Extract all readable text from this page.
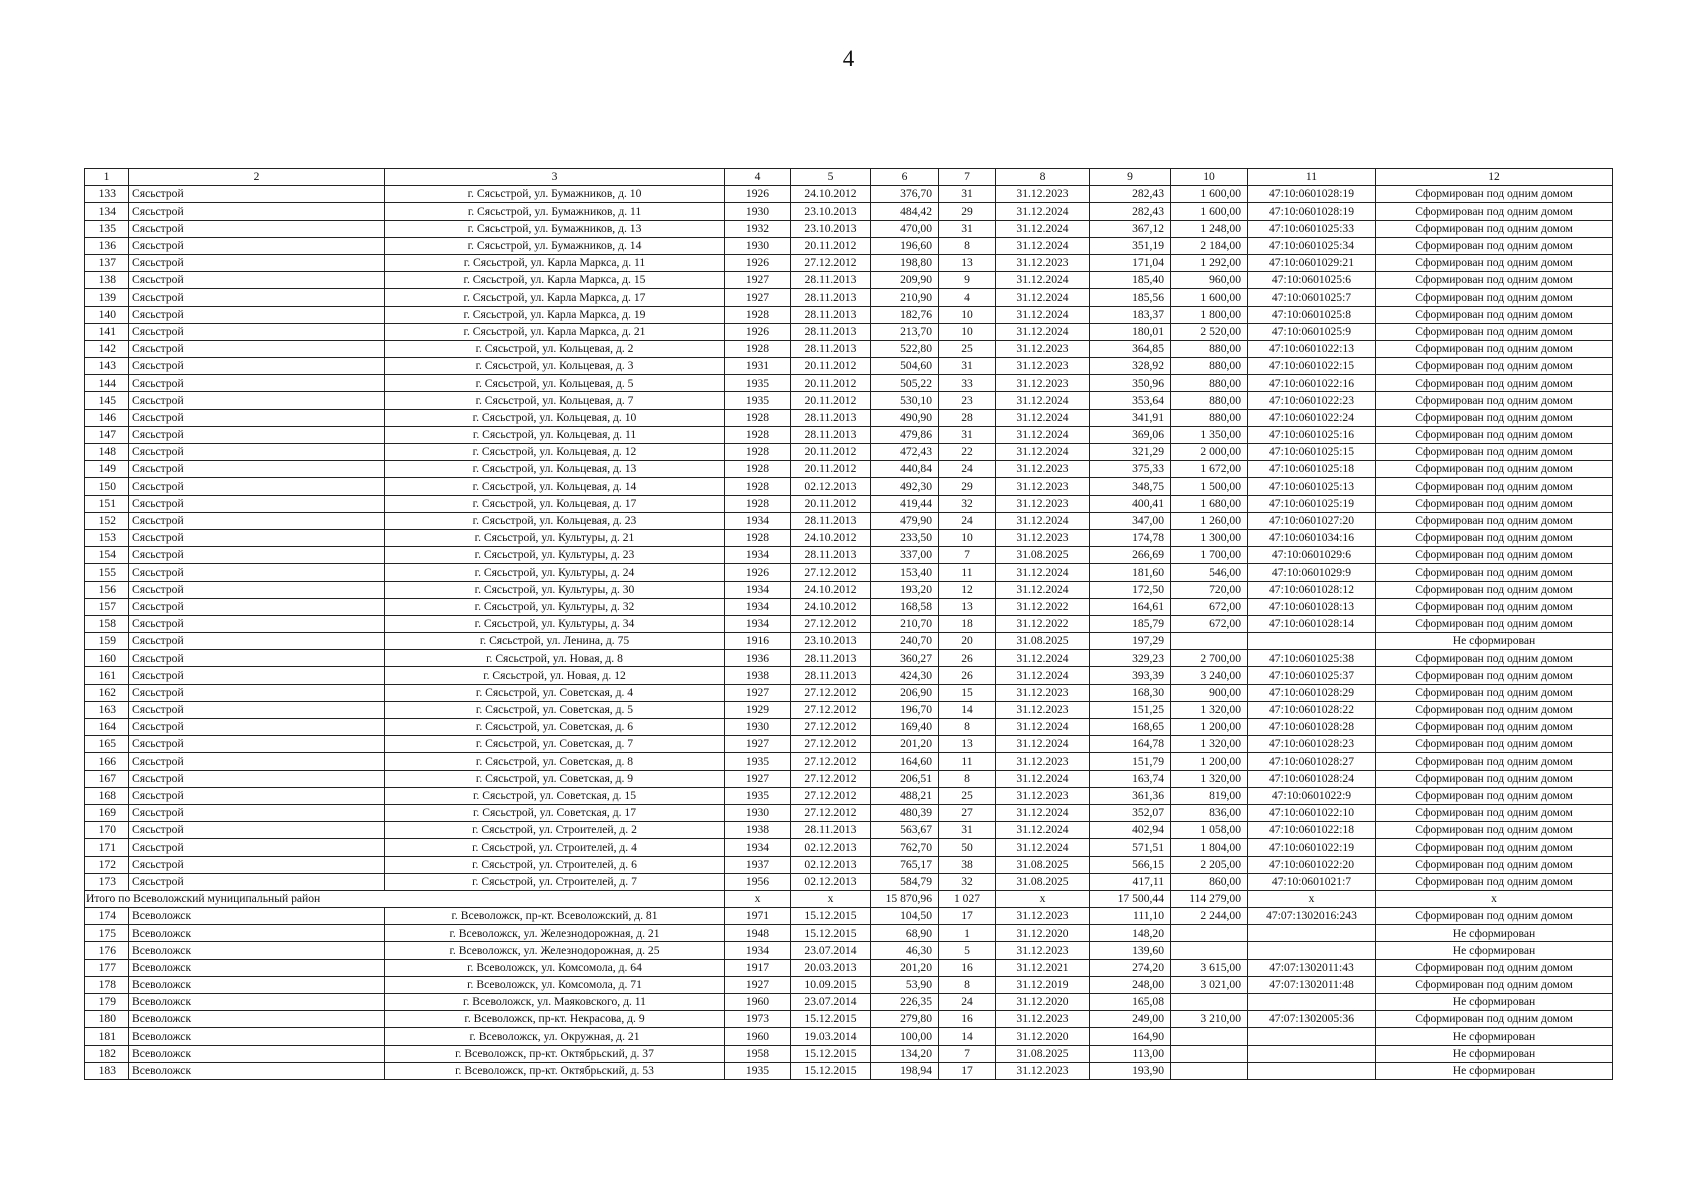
4
1	2	3	4	5	6	7	8	9	10	11	12
133	Сясьстрой	г. Сясьстрой, ул. Бумажников, д. 10	1926	24.10.2012	376,70	31	31.12.2023	282,43	1 600,00	47:10:0601028:19	Сформирован под одним домом
134	Сясьстрой	г. Сясьстрой, ул. Бумажников, д. 11	1930	23.10.2013	484,42	29	31.12.2024	282,43	1 600,00	47:10:0601028:19	Сформирован под одним домом
135	Сясьстрой	г. Сясьстрой, ул. Бумажников, д. 13	1932	23.10.2013	470,00	31	31.12.2024	367,12	1 248,00	47:10:0601025:33	Сформирован под одним домом
136	Сясьстрой	г. Сясьстрой, ул. Бумажников, д. 14	1930	20.11.2012	196,60	8	31.12.2024	351,19	2 184,00	47:10:0601025:34	Сформирован под одним домом
137	Сясьстрой	г. Сясьстрой, ул. Карла Маркса, д. 11	1926	27.12.2012	198,80	13	31.12.2023	171,04	1 292,00	47:10:0601029:21	Сформирован под одним домом
138	Сясьстрой	г. Сясьстрой, ул. Карла Маркса, д. 15	1927	28.11.2013	209,90	9	31.12.2024	185,40	960,00	47:10:0601025:6	Сформирован под одним домом
139	Сясьстрой	г. Сясьстрой, ул. Карла Маркса, д. 17	1927	28.11.2013	210,90	4	31.12.2024	185,56	1 600,00	47:10:0601025:7	Сформирован под одним домом
140	Сясьстрой	г. Сясьстрой, ул. Карла Маркса, д. 19	1928	28.11.2013	182,76	10	31.12.2024	183,37	1 800,00	47:10:0601025:8	Сформирован под одним домом
141	Сясьстрой	г. Сясьстрой, ул. Карла Маркса, д. 21	1926	28.11.2013	213,70	10	31.12.2024	180,01	2 520,00	47:10:0601025:9	Сформирован под одним домом
142	Сясьстрой	г. Сясьстрой, ул. Кольцевая, д. 2	1928	28.11.2013	522,80	25	31.12.2023	364,85	880,00	47:10:0601022:13	Сформирован под одним домом
143	Сясьстрой	г. Сясьстрой, ул. Кольцевая, д. 3	1931	20.11.2012	504,60	31	31.12.2023	328,92	880,00	47:10:0601022:15	Сформирован под одним домом
144	Сясьстрой	г. Сясьстрой, ул. Кольцевая, д. 5	1935	20.11.2012	505,22	33	31.12.2023	350,96	880,00	47:10:0601022:16	Сформирован под одним домом
145	Сясьстрой	г. Сясьстрой, ул. Кольцевая, д. 7	1935	20.11.2012	530,10	23	31.12.2024	353,64	880,00	47:10:0601022:23	Сформирован под одним домом
146	Сясьстрой	г. Сясьстрой, ул. Кольцевая, д. 10	1928	28.11.2013	490,90	28	31.12.2024	341,91	880,00	47:10:0601022:24	Сформирован под одним домом
147	Сясьстрой	г. Сясьстрой, ул. Кольцевая, д. 11	1928	28.11.2013	479,86	31	31.12.2024	369,06	1 350,00	47:10:0601025:16	Сформирован под одним домом
148	Сясьстрой	г. Сясьстрой, ул. Кольцевая, д. 12	1928	20.11.2012	472,43	22	31.12.2024	321,29	2 000,00	47:10:0601025:15	Сформирован под одним домом
149	Сясьстрой	г. Сясьстрой, ул. Кольцевая, д. 13	1928	20.11.2012	440,84	24	31.12.2023	375,33	1 672,00	47:10:0601025:18	Сформирован под одним домом
150	Сясьстрой	г. Сясьстрой, ул. Кольцевая, д. 14	1928	02.12.2013	492,30	29	31.12.2023	348,75	1 500,00	47:10:0601025:13	Сформирован под одним домом
151	Сясьстрой	г. Сясьстрой, ул. Кольцевая, д. 17	1928	20.11.2012	419,44	32	31.12.2023	400,41	1 680,00	47:10:0601025:19	Сформирован под одним домом
152	Сясьстрой	г. Сясьстрой, ул. Кольцевая, д. 23	1934	28.11.2013	479,90	24	31.12.2024	347,00	1 260,00	47:10:0601027:20	Сформирован под одним домом
153	Сясьстрой	г. Сясьстрой, ул. Культуры, д. 21	1928	24.10.2012	233,50	10	31.12.2023	174,78	1 300,00	47:10:0601034:16	Сформирован под одним домом
154	Сясьстрой	г. Сясьстрой, ул. Культуры, д. 23	1934	28.11.2013	337,00	7	31.08.2025	266,69	1 700,00	47:10:0601029:6	Сформирован под одним домом
155	Сясьстрой	г. Сясьстрой, ул. Культуры, д. 24	1926	27.12.2012	153,40	11	31.12.2024	181,60	546,00	47:10:0601029:9	Сформирован под одним домом
156	Сясьстрой	г. Сясьстрой, ул. Культуры, д. 30	1934	24.10.2012	193,20	12	31.12.2024	172,50	720,00	47:10:0601028:12	Сформирован под одним домом
157	Сясьстрой	г. Сясьстрой, ул. Культуры, д. 32	1934	24.10.2012	168,58	13	31.12.2022	164,61	672,00	47:10:0601028:13	Сформирован под одним домом
158	Сясьстрой	г. Сясьстрой, ул. Культуры, д. 34	1934	27.12.2012	210,70	18	31.12.2022	185,79	672,00	47:10:0601028:14	Сформирован под одним домом
159	Сясьстрой	г. Сясьстрой, ул. Ленина, д. 75	1916	23.10.2013	240,70	20	31.08.2025	197,29			Не сформирован
160	Сясьстрой	г. Сясьстрой, ул. Новая, д. 8	1936	28.11.2013	360,27	26	31.12.2024	329,23	2 700,00	47:10:0601025:38	Сформирован под одним домом
161	Сясьстрой	г. Сясьстрой, ул. Новая, д. 12	1938	28.11.2013	424,30	26	31.12.2024	393,39	3 240,00	47:10:0601025:37	Сформирован под одним домом
162	Сясьстрой	г. Сясьстрой, ул. Советская, д. 4	1927	27.12.2012	206,90	15	31.12.2023	168,30	900,00	47:10:0601028:29	Сформирован под одним домом
163	Сясьстрой	г. Сясьстрой, ул. Советская, д. 5	1929	27.12.2012	196,70	14	31.12.2023	151,25	1 320,00	47:10:0601028:22	Сформирован под одним домом
164	Сясьстрой	г. Сясьстрой, ул. Советская, д. 6	1930	27.12.2012	169,40	8	31.12.2024	168,65	1 200,00	47:10:0601028:28	Сформирован под одним домом
165	Сясьстрой	г. Сясьстрой, ул. Советская, д. 7	1927	27.12.2012	201,20	13	31.12.2024	164,78	1 320,00	47:10:0601028:23	Сформирован под одним домом
166	Сясьстрой	г. Сясьстрой, ул. Советская, д. 8	1935	27.12.2012	164,60	11	31.12.2023	151,79	1 200,00	47:10:0601028:27	Сформирован под одним домом
167	Сясьстрой	г. Сясьстрой, ул. Советская, д. 9	1927	27.12.2012	206,51	8	31.12.2024	163,74	1 320,00	47:10:0601028:24	Сформирован под одним домом
168	Сясьстрой	г. Сясьстрой, ул. Советская, д. 15	1935	27.12.2012	488,21	25	31.12.2023	361,36	819,00	47:10:0601022:9	Сформирован под одним домом
169	Сясьстрой	г. Сясьстрой, ул. Советская, д. 17	1930	27.12.2012	480,39	27	31.12.2024	352,07	836,00	47:10:0601022:10	Сформирован под одним домом
170	Сясьстрой	г. Сясьстрой, ул. Строителей, д. 2	1938	28.11.2013	563,67	31	31.12.2024	402,94	1 058,00	47:10:0601022:18	Сформирован под одним домом
171	Сясьстрой	г. Сясьстрой, ул. Строителей, д. 4	1934	02.12.2013	762,70	50	31.12.2024	571,51	1 804,00	47:10:0601022:19	Сформирован под одним домом
172	Сясьстрой	г. Сясьстрой, ул. Строителей, д. 6	1937	02.12.2013	765,17	38	31.08.2025	566,15	2 205,00	47:10:0601022:20	Сформирован под одним домом
173	Сясьстрой	г. Сясьстрой, ул. Строителей, д. 7	1956	02.12.2013	584,79	32	31.08.2025	417,11	860,00	47:10:0601021:7	Сформирован под одним домом
Итого по Всеволожский муниципальный район			x	x	15 870,96	1 027	x	17 500,44	114 279,00	x	x
174	Всеволожск	г. Всеволожск, пр-кт. Всеволожский, д. 81	1971	15.12.2015	104,50	17	31.12.2023	111,10	2 244,00	47:07:1302016:243	Сформирован под одним домом
175	Всеволожск	г. Всеволожск, ул. Железнодорожная, д. 21	1948	15.12.2015	68,90	1	31.12.2020	148,20			Не сформирован
176	Всеволожск	г. Всеволожск, ул. Железнодорожная, д. 25	1934	23.07.2014	46,30	5	31.12.2023	139,60			Не сформирован
177	Всеволожск	г. Всеволожск, ул. Комсомола, д. 64	1917	20.03.2013	201,20	16	31.12.2021	274,20	3 615,00	47:07:1302011:43	Сформирован под одним домом
178	Всеволожск	г. Всеволожск, ул. Комсомола, д. 71	1927	10.09.2015	53,90	8	31.12.2019	248,00	3 021,00	47:07:1302011:48	Сформирован под одним домом
179	Всеволожск	г. Всеволожск, ул. Маяковского, д. 11	1960	23.07.2014	226,35	24	31.12.2020	165,08			Не сформирован
180	Всеволожск	г. Всеволожск, пр-кт. Некрасова, д. 9	1973	15.12.2015	279,80	16	31.12.2023	249,00	3 210,00	47:07:1302005:36	Сформирован под одним домом
181	Всеволожск	г. Всеволожск, ул. Окружная, д. 21	1960	19.03.2014	100,00	14	31.12.2020	164,90			Не сформирован
182	Всеволожск	г. Всеволожск, пр-кт. Октябрьский, д. 37	1958	15.12.2015	134,20	7	31.08.2025	113,00			Не сформирован
183	Всеволожск	г. Всеволожск, пр-кт. Октябрьский, д. 53	1935	15.12.2015	198,94	17	31.12.2023	193,90			Не сформирован
